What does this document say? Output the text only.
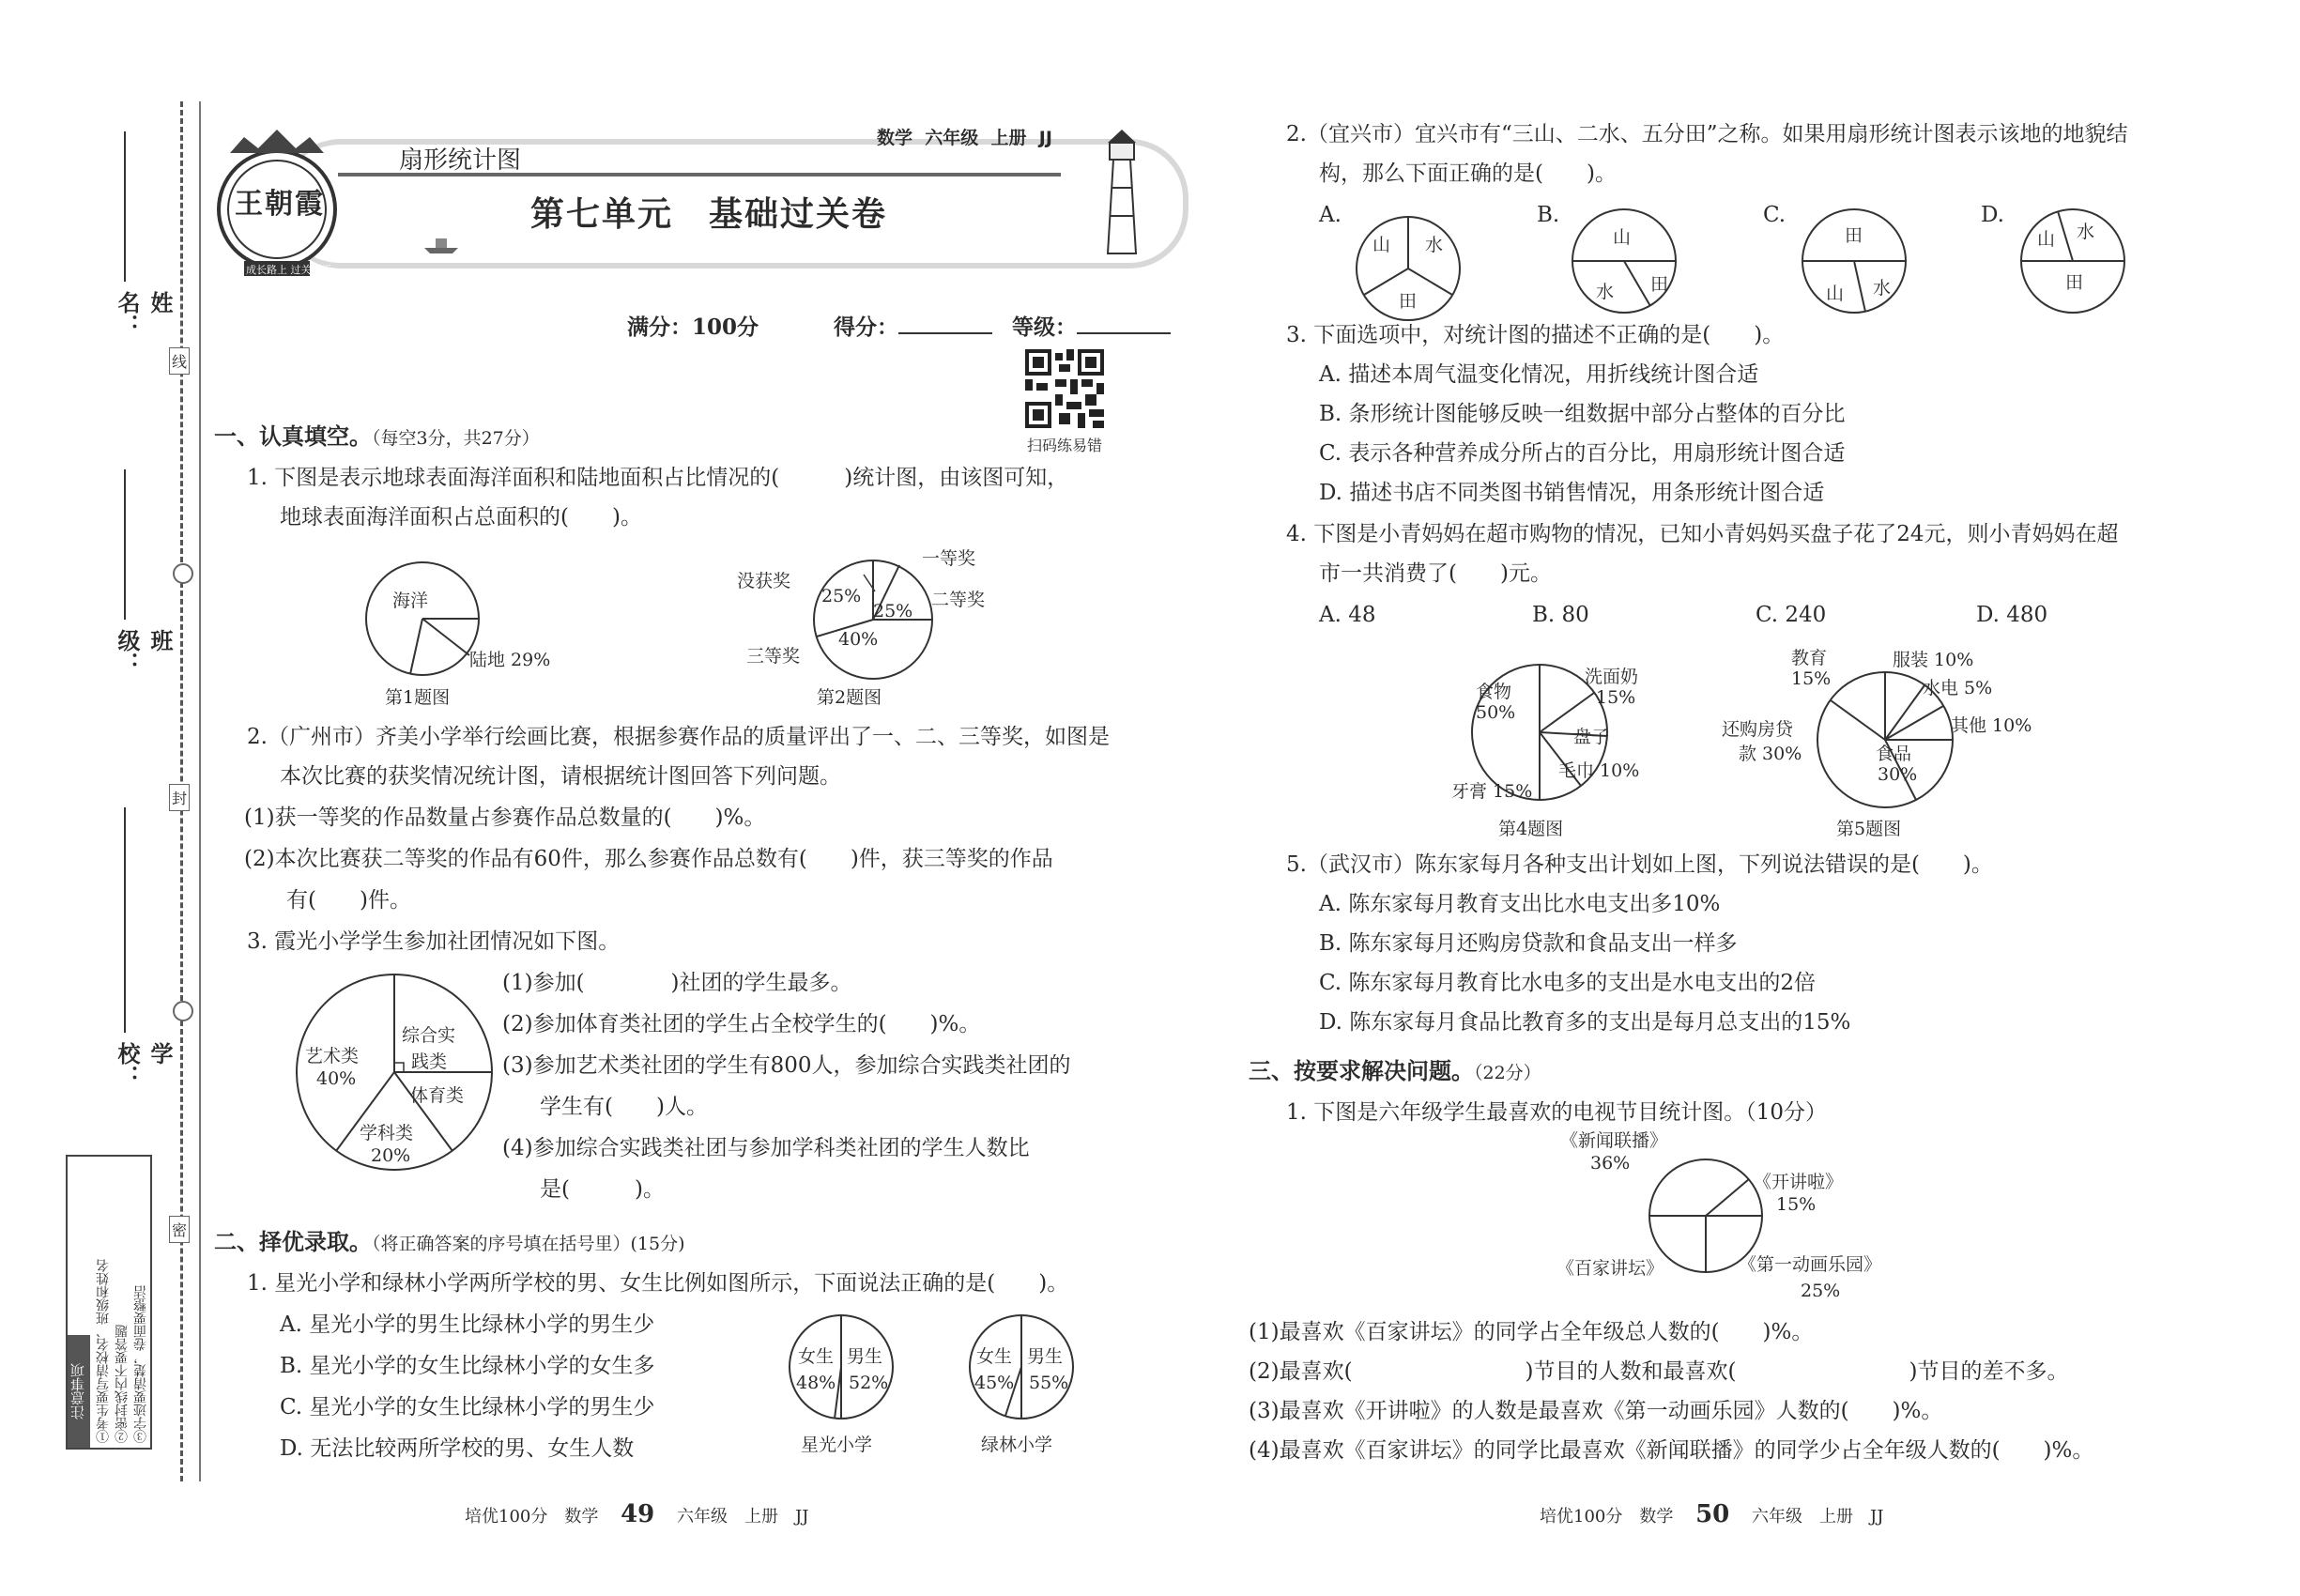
姓名：
班级：
学校：
线
封
密
注意事项 ①考生要写清校名、班级和姓名 ②密封线内不要答题 ③字迹要清楚，卷面要整洁
王朝霞
成长路上 过关满天
扇形统计图
数学 六年级 上册 JJ
第七单元　基础过关卷
满分：100分	得分：	等级：
扫码练易错
一、认真填空。（每空3分，共27分）
1. 下图是表示地球表面海洋面积和陆地面积占比情况的(　　　)统计图，由该图可知，
地球表面海洋面积占总面积的(　　)。
海洋
陆地 29%
第1题图
没获奖
一等奖
二等奖
三等奖
25%
25%
40%
第2题图
2.（广州市）齐美小学举行绘画比赛，根据参赛作品的质量评出了一、二、三等奖，如图是
本次比赛的获奖情况统计图，请根据统计图回答下列问题。
(1)获一等奖的作品数量占参赛作品总数量的(　　)%。
(2)本次比赛获二等奖的作品有60件，那么参赛作品总数有(　　)件，获三等奖的作品
有(　　)件。
3. 霞光小学学生参加社团情况如下图。
艺术类
40%
综合实
践类
体育类
学科类
20%
(1)参加(　　　　)社团的学生最多。
(2)参加体育类社团的学生占全校学生的(　　)%。
(3)参加艺术类社团的学生有800人，参加综合实践类社团的
学生有(　　)人。
(4)参加综合实践类社团与参加学科类社团的学生人数比
是(　　　)。
二、择优录取。（将正确答案的序号填在括号里）(15分)
1. 星光小学和绿林小学两所学校的男、女生比例如图所示，下面说法正确的是(　　)。
A. 星光小学的男生比绿林小学的男生少
B. 星光小学的女生比绿林小学的女生多
C. 星光小学的女生比绿林小学的男生少
D. 无法比较两所学校的男、女生人数
女生 男生
48% 52%
星光小学
女生 男生
45% 55%
绿林小学
培优100分　数学 49 六年级　上册　JJ
2.（宜兴市）宜兴市有“三山、二水、五分田”之称。如果用扇形统计图表示该地的地貌结
构，那么下面正确的是(　　)。
A.
山 水
田
B.
山
水 田
C.
田
山 水
D.
山 水
田
3. 下面选项中，对统计图的描述不正确的是(　　)。
A. 描述本周气温变化情况，用折线统计图合适
B. 条形统计图能够反映一组数据中部分占整体的百分比
C. 表示各种营养成分所占的百分比，用扇形统计图合适
D. 描述书店不同类图书销售情况，用条形统计图合适
4. 下图是小青妈妈在超市购物的情况，已知小青妈妈买盘子花了24元，则小青妈妈在超
市一共消费了(　　)元。
A. 48	B. 80	C. 240	D. 480
食物
50%
洗面奶
15%
盘子
毛巾 10%
牙膏 15%
第4题图
教育
15%
服装 10%
水电 5%
其他 10%
还购房贷
款 30%	食品
30%
第5题图
5.（武汉市）陈东家每月各种支出计划如上图，下列说法错误的是(　　)。
A. 陈东家每月教育支出比水电支出多10%
B. 陈东家每月还购房贷款和食品支出一样多
C. 陈东家每月教育比水电多的支出是水电支出的2倍
D. 陈东家每月食品比教育多的支出是每月总支出的15%
三、按要求解决问题。（22分）
1. 下图是六年级学生最喜欢的电视节目统计图。（10分）
《新闻联播》
36%
《开讲啦》
15%
《百家讲坛》	《第一动画乐园》
25%
(1)最喜欢《百家讲坛》的同学占全年级总人数的(　　)%。
(2)最喜欢(　　　　　　　　)节目的人数和最喜欢(　　　　　　　　)节目的差不多。
(3)最喜欢《开讲啦》的人数是最喜欢《第一动画乐园》人数的(　　)%。
(4)最喜欢《百家讲坛》的同学比最喜欢《新闻联播》的同学少占全年级人数的(　　)%。
培优100分　数学 50 六年级　上册　JJ
